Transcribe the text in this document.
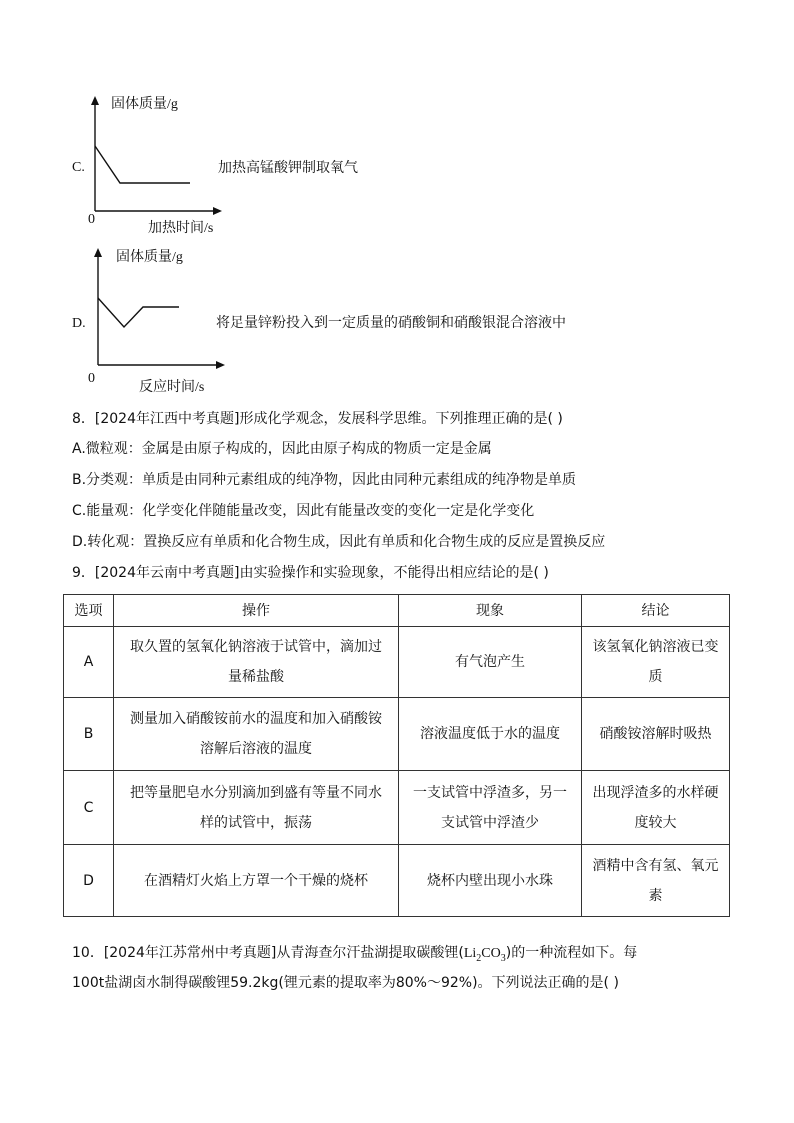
固体质量/g
C.
0
加热时间/s
加热高锰酸钾制取氧气
固体质量/g
D.
0
反应时间/s
将足量锌粉投入到一定质量的硝酸铜和硝酸银混合溶液中
8．[2024年江西中考真题]形成化学观念，发展科学思维。下列推理正确的是( )
A.微粒观：金属是由原子构成的，因此由原子构成的物质一定是金属
B.分类观：单质是由同种元素组成的纯净物，因此由同种元素组成的纯净物是单质
C.能量观：化学变化伴随能量改变，因此有能量改变的变化一定是化学变化
D.转化观：置换反应有单质和化合物生成，因此有单质和化合物生成的反应是置换反应
9．[2024年云南中考真题]由实验操作和实验现象，不能得出相应结论的是( )
选项	操作	现象	结论
A	取久置的氢氧化钠溶液于试管中，滴加过量稀盐酸	有气泡产生	该氢氧化钠溶液已变质
B	测量加入硝酸铵前水的温度和加入硝酸铵溶解后溶液的温度	溶液温度低于水的温度	硝酸铵溶解时吸热
C	把等量肥皂水分别滴加到盛有等量不同水样的试管中，振荡	一支试管中浮渣多，另一支试管中浮渣少	出现浮渣多的水样硬度较大
D	在酒精灯火焰上方罩一个干燥的烧杯	烧杯内壁出现小水珠	酒精中含有氢、氧元素
10．[2024年江苏常州中考真题]从青海查尔汗盐湖提取碳酸锂$(Li_2CO_3)$的一种流程如下。每
100t盐湖卤水制得碳酸锂59.2kg(锂元素的提取率为80%～92%)。下列说法正确的是( )
